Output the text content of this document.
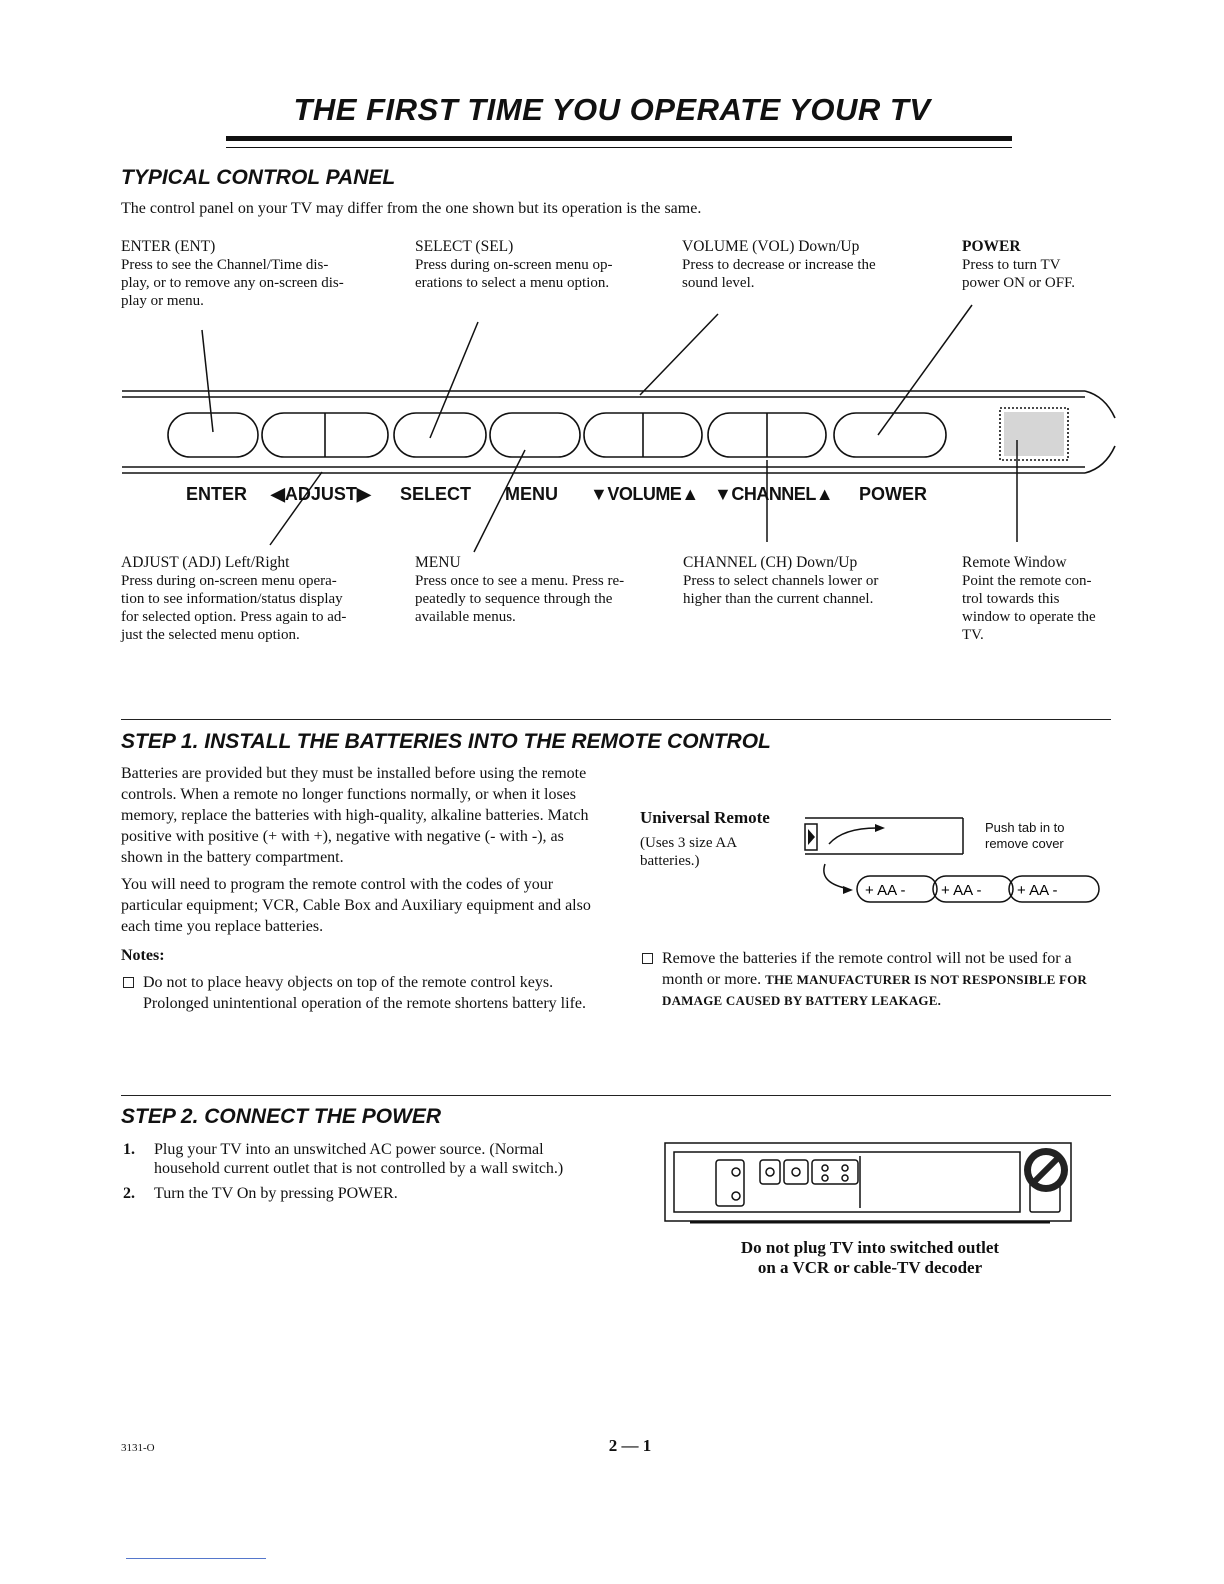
THE FIRST TIME YOU OPERATE YOUR TV
TYPICAL CONTROL PANEL

The control panel on your TV may differ from the one shown but its operation is the same.

ENTER (ENT)
Press to see the Channel/Time dis-
play, or to remove any on-screen dis-
play or menu.
SELECT (SEL)
Press during on-screen menu op-
erations to select a menu option.
VOLUME (VOL) Down/Up
Press to decrease or increase the
sound level.
POWER
Press to turn TV
power ON or OFF.
ENTER ◀ADJUST▶ SELECT MENU ▼VOLUME▲ ▼CHANNEL▲ POWER
ADJUST (ADJ) Left/Right
Press during on-screen menu opera-
tion to see information/status display
for selected option. Press again to ad-
just the selected menu option.
MENU
Press once to see a menu. Press re-
peatedly to sequence through the
available menus.
CHANNEL (CH) Down/Up
Press to select channels lower or
higher than the current channel.
Remote Window
Point the remote con-
trol towards this
window to operate the
TV.
STEP 1. INSTALL THE BATTERIES INTO THE REMOTE CONTROL

Batteries are provided but they must be installed before using the remote controls. When a remote no longer functions normally, or when it loses memory, replace the batteries with high-quality, alkaline batteries. Match positive with positive (+ with +), negative with negative (- with -), as shown in the battery compartment.

You will need to program the remote control with the codes of your particular equipment; VCR, Cable Box and Auxiliary equipment and also each time you replace batteries.

Notes:
Do not to place heavy objects on top of the remote control keys. Prolonged unintentional operation of the remote shortens battery life.
Universal Remote
(Uses 3 size AA batteries.)
+ AA - + AA - + AA -
Push tab in to remove cover
Remove the batteries if the remote control will not be used for a month or more. THE MANUFACTURER IS NOT RESPONSIBLE FOR DAMAGE CAUSED BY BATTERY LEAKAGE.
STEP 2. CONNECT THE POWER
1. Plug your TV into an unswitched AC power source. (Normal household current outlet that is not controlled by a wall switch.)
2. Turn the TV On by pressing POWER.
Do not plug TV into switched outlet
on a VCR or cable-TV decoder
3131-O	2 — 1
